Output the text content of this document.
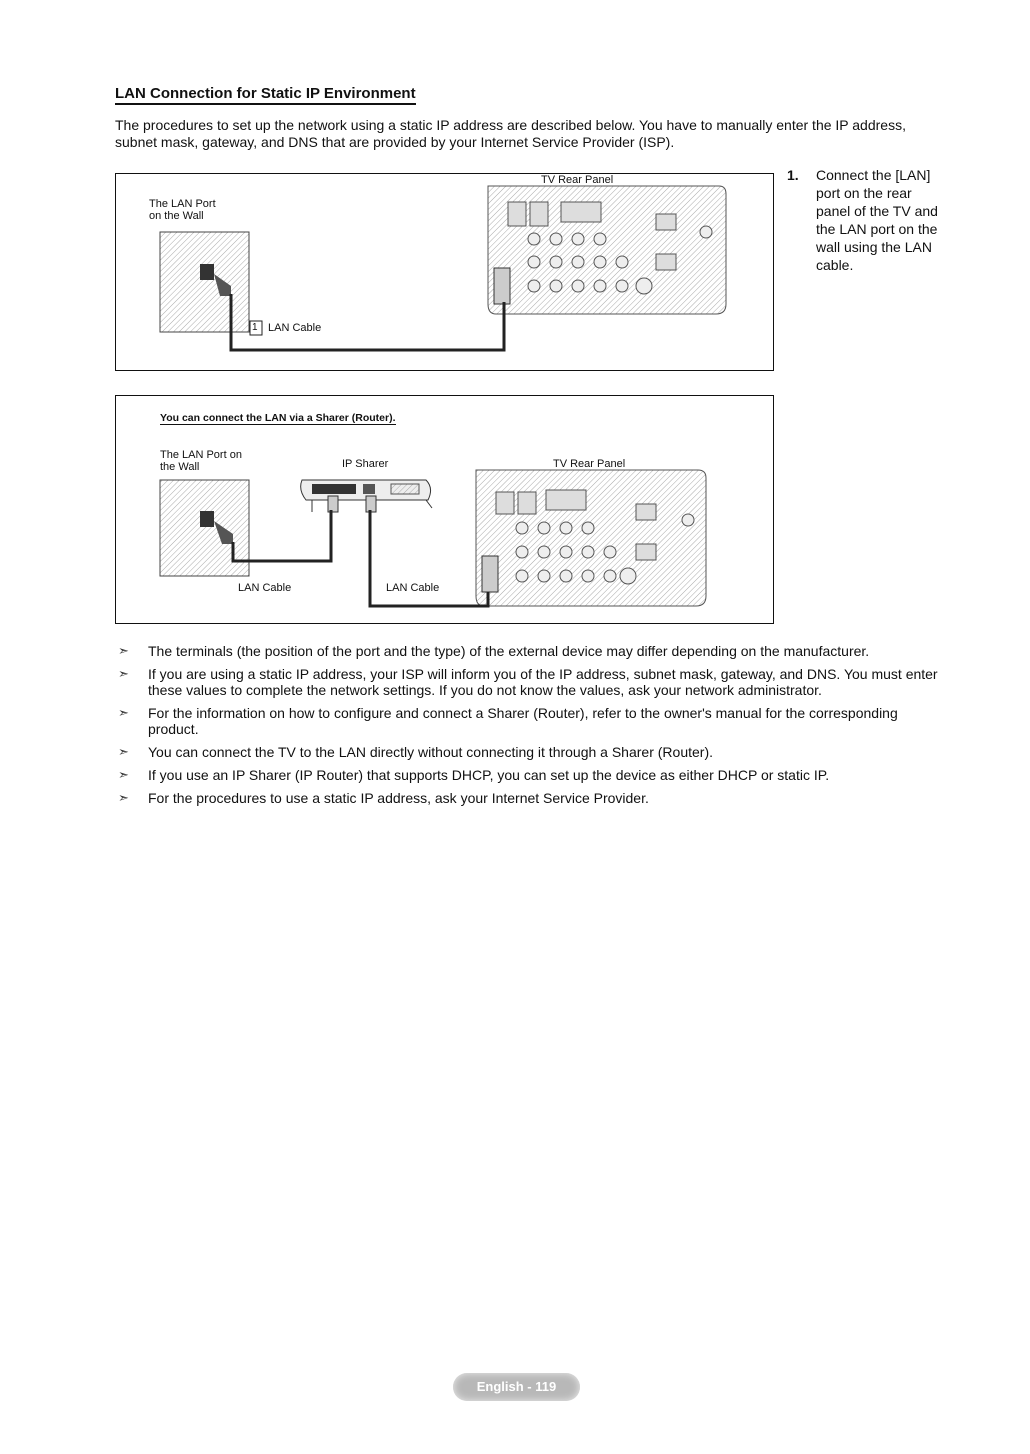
LAN Connection for Static IP Environment
The procedures to set up the network using a static IP address are described below. You have to manually enter the IP address, subnet mask, gateway, and DNS that are provided by your Internet Service Provider (ISP).
TV Rear Panel
The LAN Port
on the Wall
1 LAN Cable
1. Connect the [LAN] port on the rear panel of the TV and the LAN port on the wall using the LAN cable.
You can connect the LAN via a Sharer (Router).
The LAN Port on
the Wall	IP Sharer	TV Rear Panel
LAN Cable	LAN Cable
➣ The terminals (the position of the port and the type) of the external device may differ depending on the manufacturer.
➣ If you are using a static IP address, your ISP will inform you of the IP address, subnet mask, gateway, and DNS. You must enter these values to complete the network settings. If you do not know the values, ask your network administrator.
➣ For the information on how to configure and connect a Sharer (Router), refer to the owner's manual for the corresponding product.
➣ You can connect the TV to the LAN directly without connecting it through a Sharer (Router).
➣ If you use an IP Sharer (IP Router) that supports DHCP, you can set up the device as either DHCP or static IP.
➣ For the procedures to use a static IP address, ask your Internet Service Provider.
English - 119
